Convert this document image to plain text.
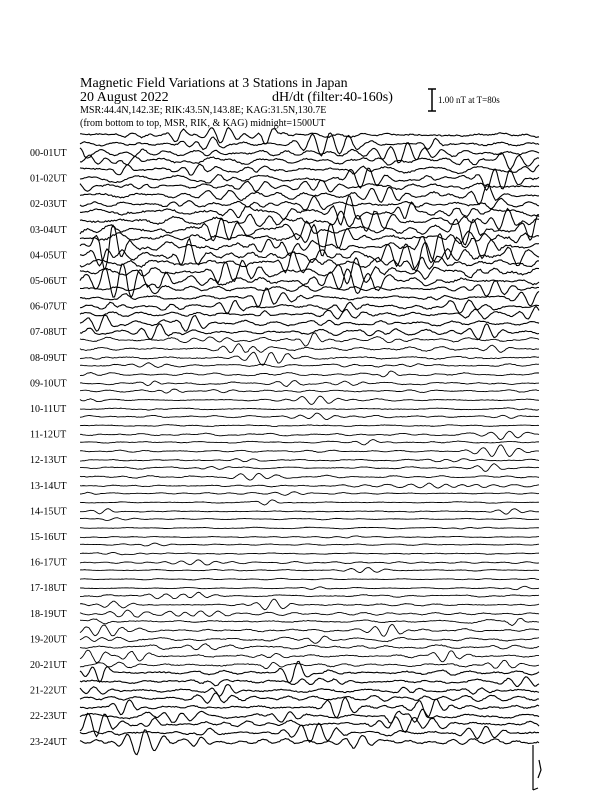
Magnetic Field Variations at 3 Stations in Japan
20 August 2022	dH/dt (filter:40-160s)
MSR:44.4N,142.3E; RIK:43.5N,143.8E; KAG:31.5N,130.7E
(from bottom to top, MSR, RIK, & KAG) midnight=1500UT
1.00 nT at T=80s
00-01UT
01-02UT
02-03UT
03-04UT
04-05UT
05-06UT
06-07UT
07-08UT
08-09UT
09-10UT
10-11UT
11-12UT
12-13UT
13-14UT
14-15UT
15-16UT
16-17UT
17-18UT
18-19UT
19-20UT
20-21UT
21-22UT
22-23UT
23-24UT
